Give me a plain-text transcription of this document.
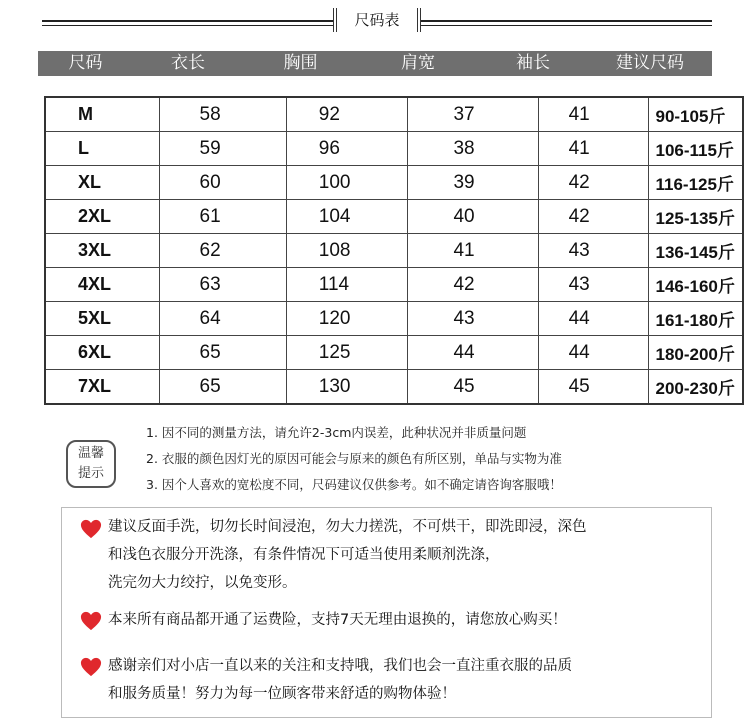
尺码表
尺码	衣长	胸围	肩宽	袖长	建议尺码
M	58	92	37	41	90-105斤
L	59	96	38	41	106-115斤
XL	60	100	39	42	116-125斤
2XL	61	104	40	42	125-135斤
3XL	62	108	41	43	136-145斤
4XL	63	114	42	43	146-160斤
5XL	64	120	43	44	161-180斤
6XL	65	125	44	44	180-200斤
7XL	65	130	45	45	200-230斤
温馨
提示
1. 因不同的测量方法，请允许2-3cm内误差，此种状况并非质量问题
2. 衣服的颜色因灯光的原因可能会与原来的颜色有所区别，单品与实物为准
3. 因个人喜欢的宽松度不同，尺码建议仅供参考。如不确定请咨询客服哦！
建议反面手洗，切勿长时间浸泡，勿大力搓洗，不可烘干，即洗即浸，深色
和浅色衣服分开洗涤，有条件情况下可适当使用柔顺剂洗涤，
洗完勿大力绞拧，以免变形。
本来所有商品都开通了运费险，支持7天无理由退换的，请您放心购买！
感谢亲们对小店一直以来的关注和支持哦，我们也会一直注重衣服的品质
和服务质量！努力为每一位顾客带来舒适的购物体验！
